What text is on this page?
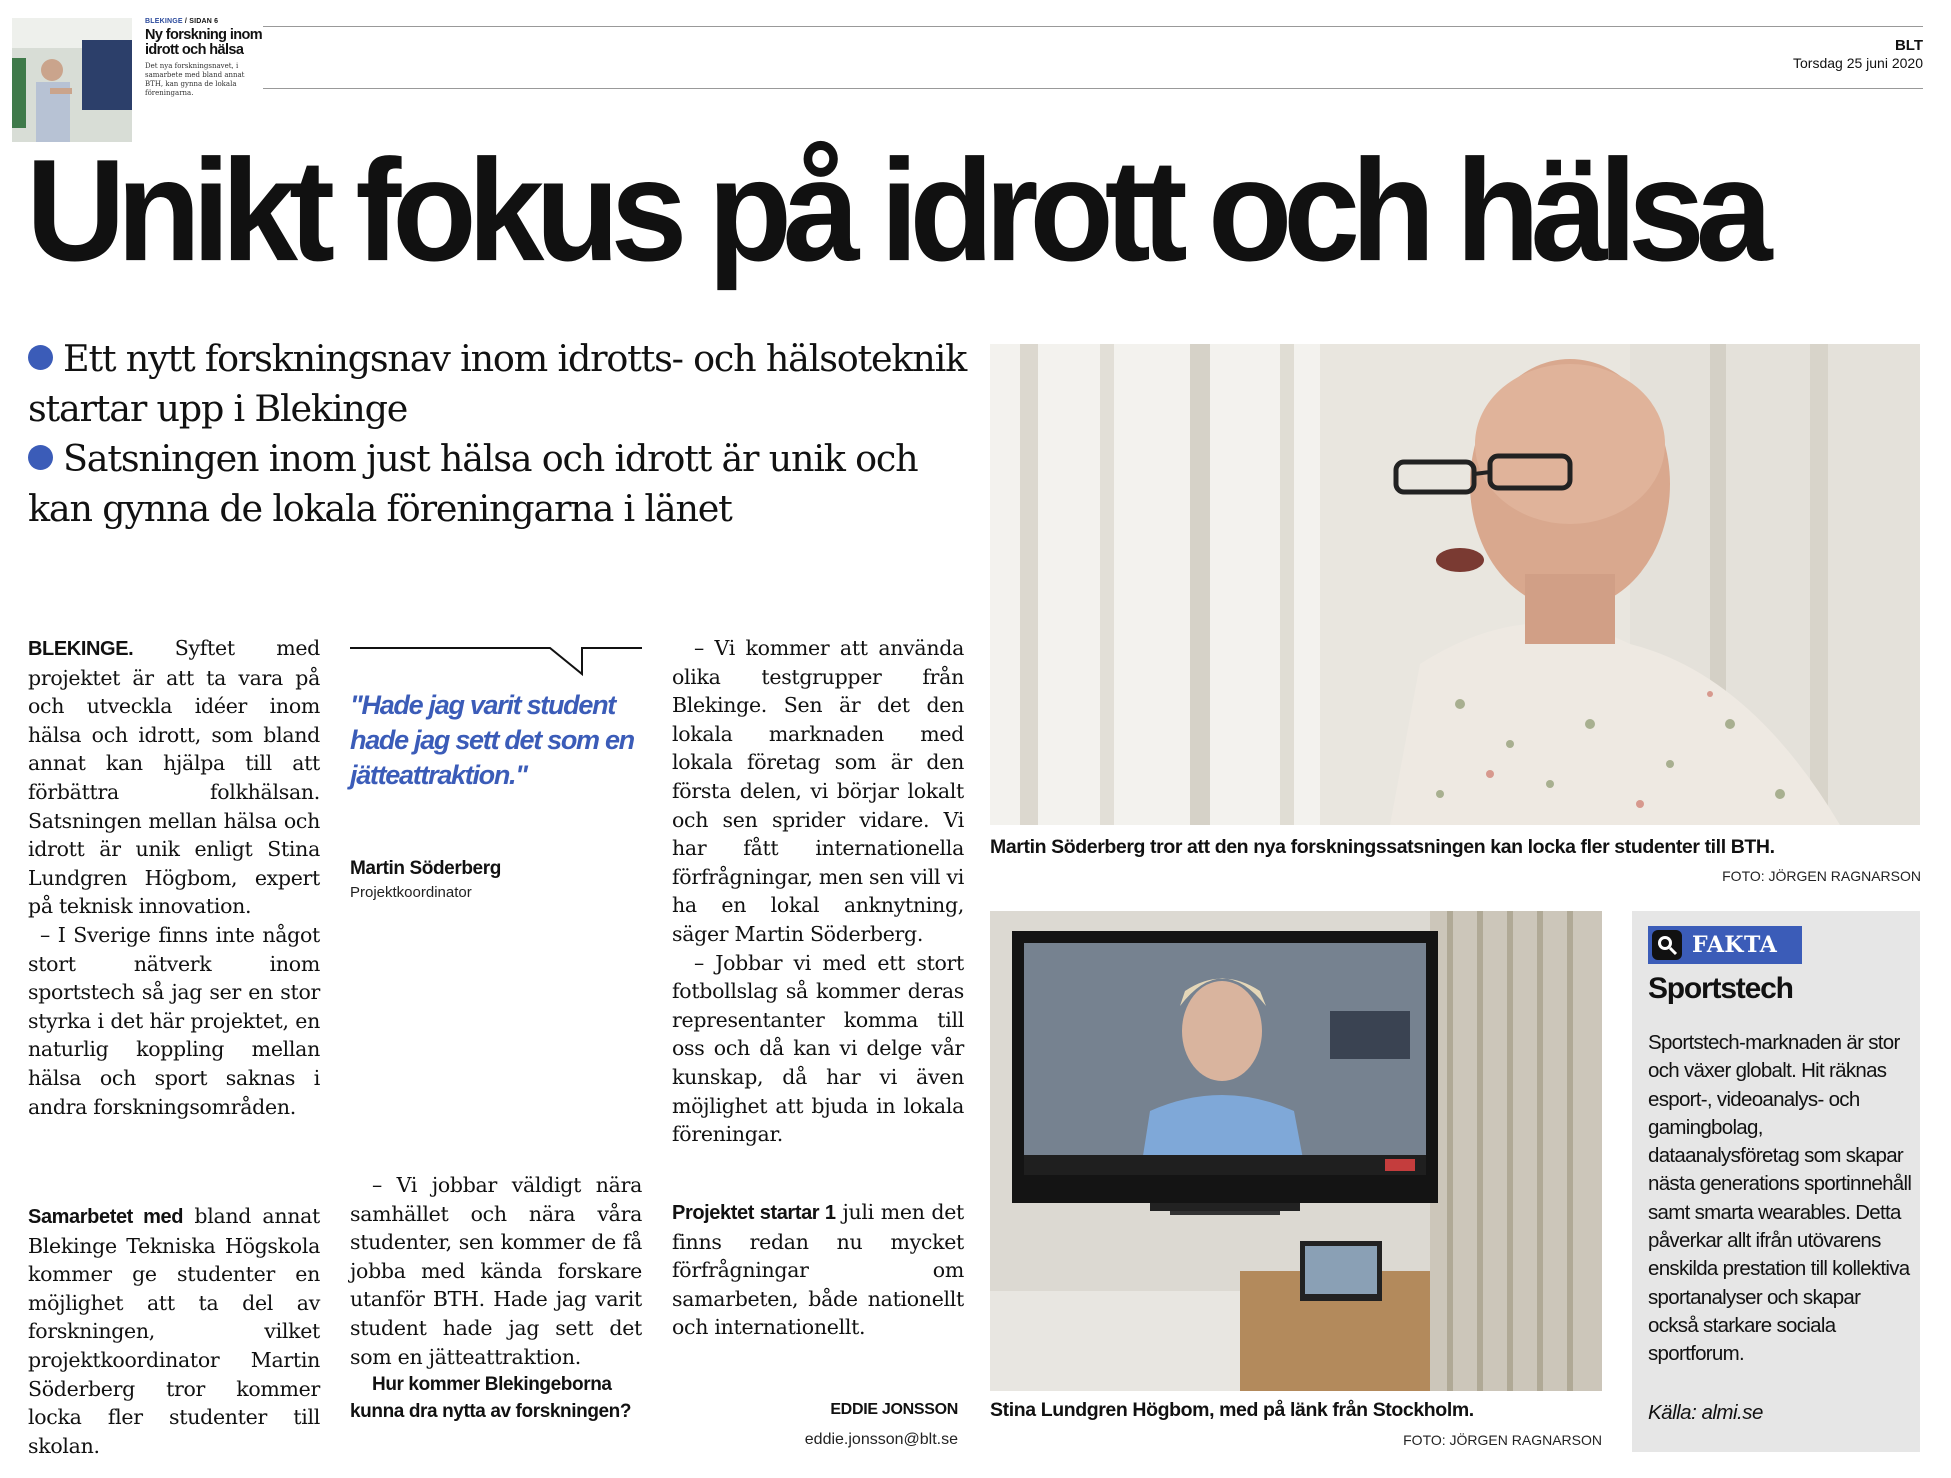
BLEKINGE / SIDAN 6
Ny forskning inom idrott och hälsa
Det nya forskningsnavet, i samarbete med bland annat BTH, kan gynna de lokala föreningarna.
BLT
Torsdag 25 juni 2020
Unikt fokus på idrott och hälsa
Ett nytt forskningsnav inom idrotts- och hälsoteknik startar upp i Blekinge
Satsningen inom just hälsa och idrott är unik och kan gynna de lokala föreningarna i länet

BLEKINGE. Syftet med projektet är att ta vara på och utveckla idéer inom hälsa och idrott, som bland annat kan hjälpa till att förbättra folkhälsan. Satsningen mellan hälsa och idrott är unik enligt Stina Lundgren Högbom, expert på teknisk innovation.

– I Sverige finns inte något stort nätverk inom sportstech så jag ser en stor styrka i det här projektet, en naturlig koppling mellan hälsa och sport saknas i andra forskningsområden.

Samarbetet med bland annat Blekinge Tekniska Högskola kommer ge studenter en möjlighet att ta del av forskningen, vilket projektkoordinator Martin Söderberg tror kommer locka fler studenter till skolan.

"Hade jag varit student hade jag sett det som en jätteattraktion."
Martin Söderberg
Projektkoordinator

– Vi jobbar väldigt nära samhället och nära våra studenter, sen kommer de få jobba med kända forskare utanför BTH. Hade jag varit student hade jag sett det som en jätteattraktion.

Hur kommer Blekingeborna kunna dra nytta av forskningen?

– Vi kommer att använda olika testgrupper från Blekinge. Sen är det den lokala marknaden med lokala företag som är den första delen, vi börjar lokalt och sen sprider vidare. Vi har fått internationella förfrågningar, men sen vill vi ha en lokal anknytning, säger Martin Söderberg.

– Jobbar vi med ett stort fotbollslag så kommer deras representanter komma till oss och då kan vi delge vår kunskap, då har vi även möjlighet att bjuda in lokala föreningar.

Projektet startar 1 juli men det finns redan nu mycket förfrågningar om samarbeten, både nationellt och internationellt.

EDDIE JONSSON
eddie.jonsson@blt.se
Martin Söderberg tror att den nya forskningssatsningen kan locka fler studenter till BTH.
FOTO: JÖRGEN RAGNARSON
Stina Lundgren Högbom, med på länk från Stockholm.
FOTO: JÖRGEN RAGNARSON
FAKTA
Sportstech
Sportstech-marknaden är stor och växer globalt. Hit räknas esport-, videoanalys- och gamingbolag, dataanalysföretag som skapar nästa generations sportinnehåll samt smarta wearables. Detta påverkar allt ifrån utövarens enskilda prestation till kollektiva sportanalyser och skapar också starkare sociala sportforum.
Källa: almi.se
